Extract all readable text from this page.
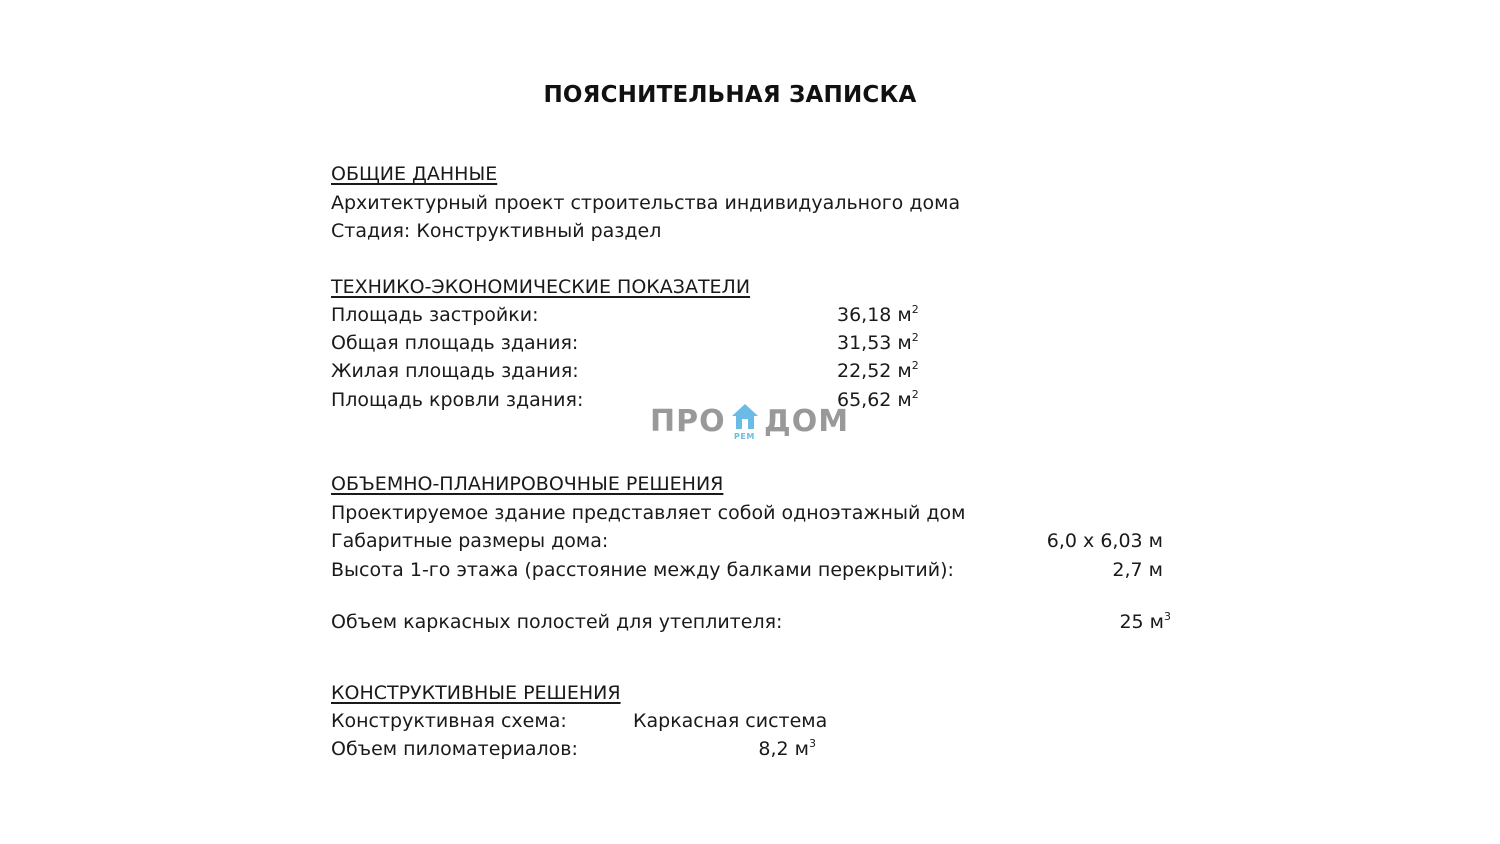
ПОЯСНИТЕЛЬНАЯ ЗАПИСКА
ОБЩИЕ ДАННЫЕ
Архитектурный проект строительства индивидуального дома
Стадия: Конструктивный раздел
ТЕХНИКО-ЭКОНОМИЧЕСКИЕ ПОКАЗАТЕЛИ
Площадь застройки:	36,18 $м^2$
Общая площадь здания:	31,53 $м^2$
Жилая площадь здания:	22,52 $м^2$
Площадь кровли здания:	65,62 $м^2$
ПРО РЕМ ДОМ
ОБЪЕМНО-ПЛАНИРОВОЧНЫЕ РЕШЕНИЯ
Проектируемое здание представляет собой одноэтажный дом
Габаритные размеры дома:	6,0 х 6,03 м
Высота 1-го этажа (расстояние между балками перекрытий):	2,7 м
Объем каркасных полостей для утеплителя:	25 $м^3$
КОНСТРУКТИВНЫЕ РЕШЕНИЯ
Конструктивная схема:	Каркасная система
Объем пиломатериалов:	8,2 $м^3$
